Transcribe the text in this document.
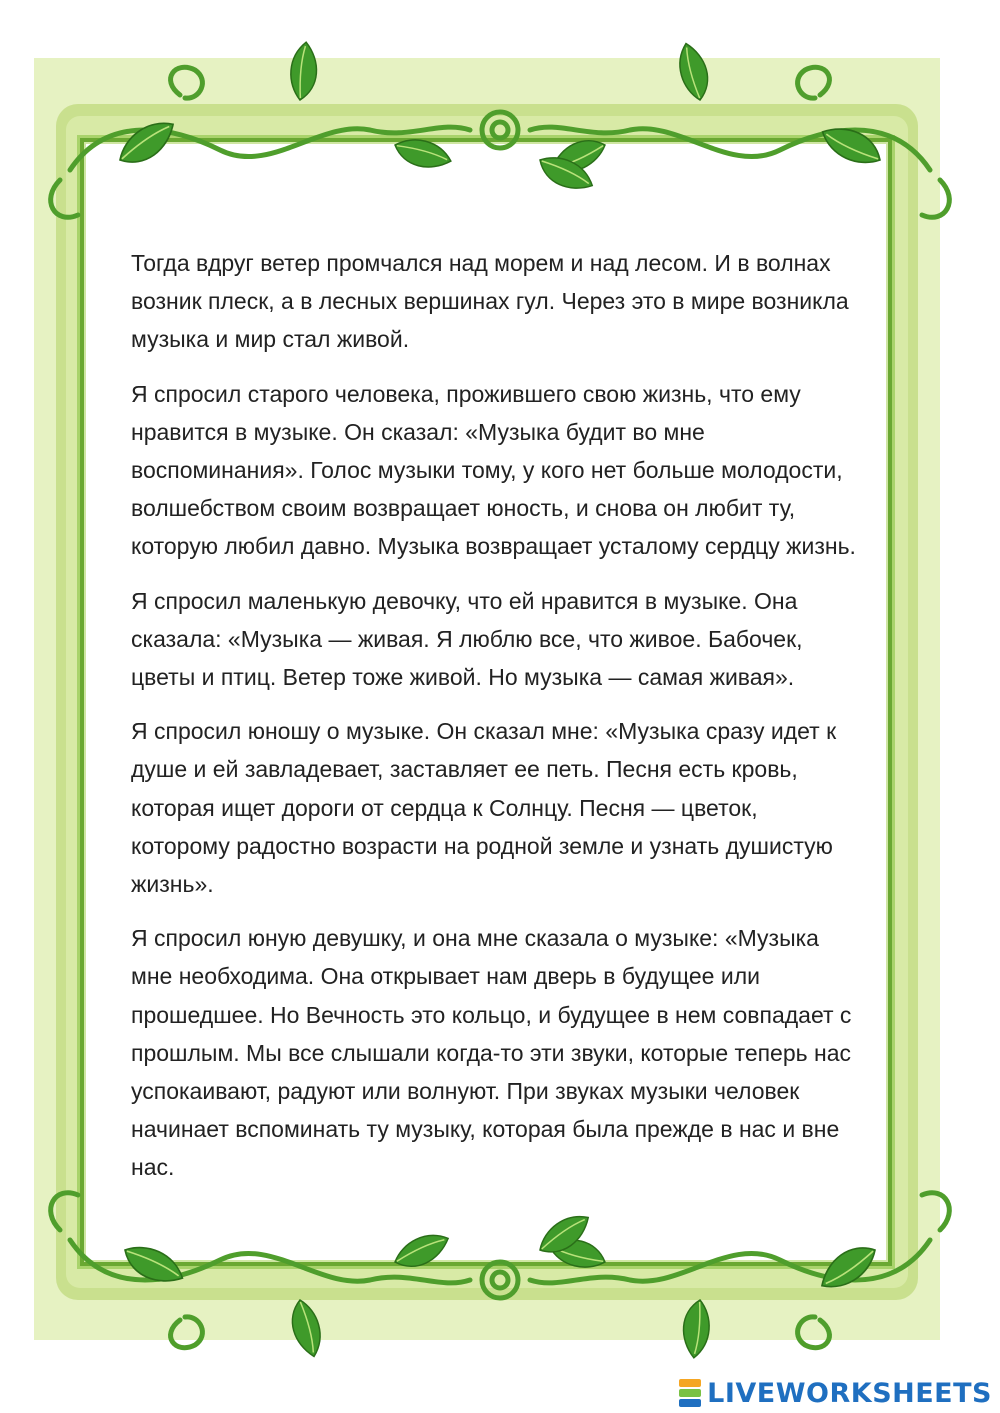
Тогда вдруг ветер промчался над морем и над лесом. И в волнах возник плеск, а в лесных вершинах гул. Через это в мире возникла музыка и мир стал живой.

Я спросил старого человека, прожившего свою жизнь, что ему нравится в музыке. Он сказал: «Музыка будит во мне воспоминания». Голос музыки тому, у кого нет больше молодости, волшебством своим возвращает юность, и снова он любит ту, которую любил давно. Музыка возвращает усталому сердцу жизнь.

Я спросил маленькую девочку, что ей нравится в музыке. Она сказала: «Музыка — живая. Я люблю все, что живое. Бабочек, цветы и птиц. Ветер тоже живой. Но музыка — самая живая».

Я спросил юношу о музыке. Он сказал мне: «Музыка сразу идет к душе и ей завладевает, заставляет ее петь. Песня есть кровь, которая ищет дороги от сердца к Солнцу. Песня — цветок, которому радостно возрасти на родной земле и узнать душистую жизнь».

Я спросил юную девушку, и она мне сказала о музыке: «Музыка мне необходима. Она открывает нам дверь в будущее или прошедшее. Но Вечность это кольцо, и будущее в нем совпадает с прошлым. Мы все слышали когда-то эти звуки, которые теперь нас успокаивают, радуют или волнуют. При звуках музыки человек начинает вспоминать ту музыку, которая была прежде в нас и вне нас.

LIVEWORKSHEETS
